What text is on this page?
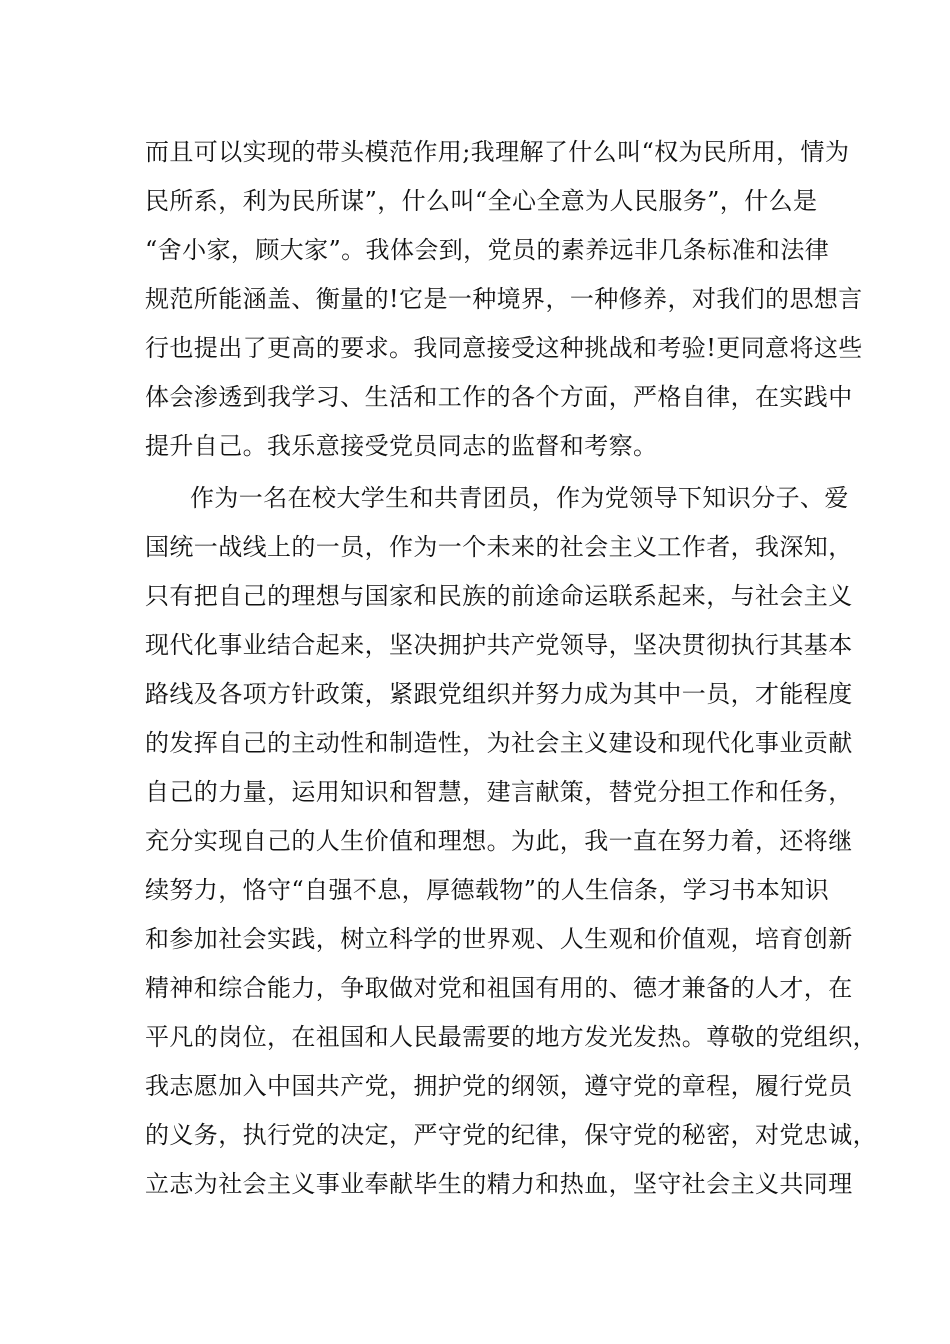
而且可以实现的带头模范作用;我理解了什么叫“权为民所用，情为
民所系，利为民所谋”，什么叫“全心全意为人民服务”，什么是
“舍小家，顾大家”。我体会到，党员的素养远非几条标准和法律
规范所能涵盖、衡量的!它是一种境界，一种修养，对我们的思想言
行也提出了更高的要求。我同意接受这种挑战和考验!更同意将这些
体会渗透到我学习、生活和工作的各个方面，严格自律，在实践中
提升自己。我乐意接受党员同志的监督和考察。
作为一名在校大学生和共青团员，作为党领导下知识分子、爱
国统一战线上的一员，作为一个未来的社会主义工作者，我深知，
只有把自己的理想与国家和民族的前途命运联系起来，与社会主义
现代化事业结合起来，坚决拥护共产党领导，坚决贯彻执行其基本
路线及各项方针政策，紧跟党组织并努力成为其中一员，才能程度
的发挥自己的主动性和制造性，为社会主义建设和现代化事业贡献
自己的力量，运用知识和智慧，建言献策，替党分担工作和任务，
充分实现自己的人生价值和理想。为此，我一直在努力着，还将继
续努力，恪守“自强不息，厚德载物”的人生信条，学习书本知识
和参加社会实践，树立科学的世界观、人生观和价值观，培育创新
精神和综合能力，争取做对党和祖国有用的、德才兼备的人才，在
平凡的岗位，在祖国和人民最需要的地方发光发热。尊敬的党组织，
我志愿加入中国共产党，拥护党的纲领，遵守党的章程，履行党员
的义务，执行党的决定，严守党的纪律，保守党的秘密，对党忠诚，
立志为社会主义事业奉献毕生的精力和热血，坚守社会主义共同理
